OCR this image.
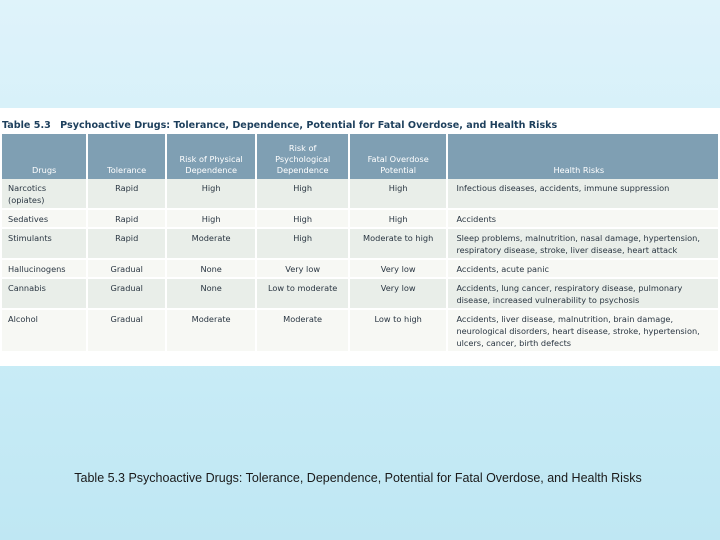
Table 5.3 Psychoactive Drugs: Tolerance, Dependence, Potential for Fatal Overdose, and Health Risks
Drugs	Tolerance	Risk of Physical Dependence	Risk of Psychological Dependence	Fatal Overdose Potential	Health Risks
Narcotics (opiates)	Rapid	High	High	High	Infectious diseases, accidents, immune suppression
Sedatives	Rapid	High	High	High	Accidents
Stimulants	Rapid	Moderate	High	Moderate to high	Sleep problems, malnutrition, nasal damage, hypertension, respiratory disease, stroke, liver disease, heart attack
Hallucinogens	Gradual	None	Very low	Very low	Accidents, acute panic
Cannabis	Gradual	None	Low to moderate	Very low	Accidents, lung cancer, respiratory disease, pulmonary disease, increased vulnerability to psychosis
Alcohol	Gradual	Moderate	Moderate	Low to high	Accidents, liver disease, malnutrition, brain damage, neurological disorders, heart disease, stroke, hypertension, ulcers, cancer, birth defects
Table 5.3 Psychoactive Drugs: Tolerance, Dependence, Potential for Fatal Overdose, and Health Risks
